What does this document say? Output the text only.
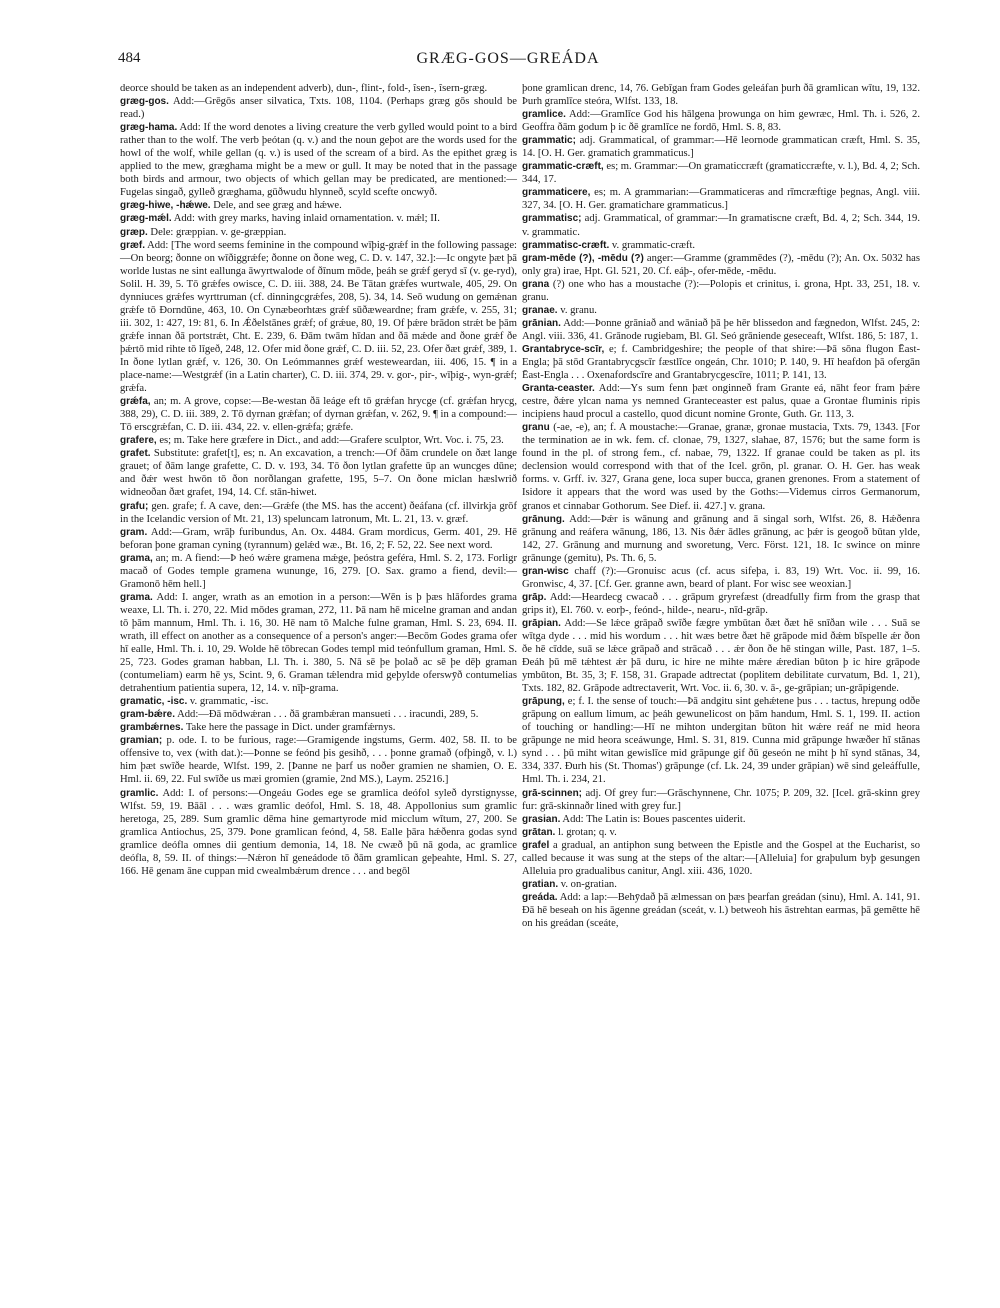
484	GRÆG-GOS—GREÁDA

deorce should be taken as an independent adverb), dun-, flint-, fold-, îsen-, îsern-græg.

græg-gos. Add:—Grēgōs anser silvatica, Txts. 108, 1104. (Perhaps græg gōs should be read.)

græg-hama. Add: If the word denotes a living creature the verb gylled would point to a bird rather than to the wolf. The verb þeótan (q. v.) and the noun geþot are the words used for the howl of the wolf, while gellan (q. v.) is used of the scream of a bird. As the epithet græg is applied to the mew, græghama might be a mew or gull. It may be noted that in the passage both birds and armour, two objects of which gellan may be predicated, are mentioned:—Fugelas singað, gylleð græghama, gūðwudu hlynneð, scyld scefte oncwyð.

græg-hiwe, -hǽwe. Dele, and see græg and hǽwe.

græg-mǽl. Add: with grey marks, having inlaid ornamentation. v. mǽl; II.

græp. Dele: græppian. v. ge-græppian.

græf. Add: [The word seems feminine in the compound wīþig-grǽf in the following passage:—On beorg; ðonne on wīðiggrǽfe; ðonne on ðone weg, C. D. v. 147, 32.]:—Ic ongyte þæt þā worlde lustas ne sint eallunga āwyrtwalode of ðīnum mōde, þeáh se grǽf geryd sī (v. ge-ryd), Solil. H. 39, 5. Tō grǽfes owisce, C. D. iii. 388, 24. Be Tātan grǽfes wurtwale, 405, 29. On dynniuces grǽfes wyrttruman (cf. dinningcgrǽfes, 208, 5). 34, 14. Seō wudung on gemǽnan grǽfe tō Ðorndūne, 463, 10. On Cynæbeorhtæs grǽf sūðæweardne; fram grǽfe, v. 255, 31; iii. 302, 1: 427, 19: 81, 6. In Ǽðelstānes grǽf; of grǽue, 80, 19. Of þǽre brādon strǽt be þām grǽfe innan ðā portstrǽt, Cht. E. 239, 6. Ðām twām hīdan and ðā mǽde and ðone grǽf ðe þǽrtō mid rihte tō līgeð, 248, 12. Ofer mid ðone grǽf, C. D. iii. 52, 23. Ofer ðæt grǽf, 389, 1. In ðone lytlan grǽf, v. 126, 30. On Leómmannes grǽf westeweardan, iii. 406, 15. ¶ in a place-name:—Westgrǽf (in a Latin charter), C. D. iii. 374, 29. v. gor-, pir-, wīþig-, wyn-grǽf; grǽfa.

grǽfa, an; m. A grove, copse:—Be-westan ðā leáge eft tō grǽfan hrycge (cf. grǽfan hrycg, 388, 29), C. D. iii. 389, 2. Tō dyrnan grǽfan; of dyrnan grǽfan, v. 262, 9. ¶ in a compound:—Tō erscgrǽfan, C. D. iii. 434, 22. v. ellen-grǽfa; grǽfe.

grafere, es; m. Take here græfere in Dict., and add:—Grafere sculptor, Wrt. Voc. i. 75, 23.

grafet. Substitute: grafet[t], es; n. An excavation, a trench:—Of ðām crundele on ðæt lange grauet; of ðām lange grafette, C. D. v. 193, 34. Tō ðon lytlan grafette ūp an wuncges dūne; and ðǽr west hwōn tō ðon norðlangan grafette, 195, 5–7. On ðone miclan hæslwrið widneoðan ðæt grafet, 194, 14. Cf. stān-hiwet.

grafu; gen. grafe; f. A cave, den:—Grǽfe (the MS. has the accent) ðeáfana (cf. illvirkja grōf in the Icelandic version of Mt. 21, 13) speluncam latronum, Mt. L. 21, 13. v. græf.

gram. Add:—Gram, wrāþ furibundus, An. Ox. 4484. Gram mordicus, Germ. 401, 29. Hē beforan þone graman cyning (tyrannum) gelǽd wæ., Bt. 16, 2; F. 52, 22. See next word.

grama, an; m. A fiend:—Þ heó wǽre gramena mǽge, þeóstra geféra, Hml. S. 2, 173. Forligr macað of Godes temple gramena wununge, 16, 279. [O. Sax. gramo a fiend, devil:—Gramonō hēm hell.]

grama. Add: I. anger, wrath as an emotion in a person:—Wēn is þ þæs hlāfordes grama weaxe, Ll. Th. i. 270, 22. Mid mōdes graman, 272, 11. Þā nam hē micelne graman and andan tō þām mannum, Hml. Th. i. 16, 30. Hē nam tō Malche fulne graman, Hml. S. 23, 694. II. wrath, ill effect on another as a consequence of a person's anger:—Becōm Godes grama ofer hī ealle, Hml. Th. i. 10, 29. Wolde hē tōbrecan Godes templ mid teónfullum graman, Hml. S. 25, 723. Godes graman habban, Ll. Th. i. 380, 5. Nā sē þe þolað ac sē þe dēþ graman (contumeliam) earm hē ys, Scint. 9, 6. Graman tǽlendra mid geþylde oferswȳð contumelias detrahentium patientia supera, 12, 14. v. nīþ-grama.

gramatic, -isc. v. grammatic, -isc.

gram-bǽre. Add:—Ðā mōdwǽran . . . ðā grambǽran mansueti . . . iracundi, 289, 5.

grambǽrnes. Take here the passage in Dict. under gramfǽrnys.

gramian; p. ode. I. to be furious, rage:—Gramigende ingstums, Germ. 402, 58. II. to be offensive to, vex (with dat.):—Þonne se feónd þis gesihð, . . . þonne gramað (ofþingð, v. l.) him þæt swīðe hearde, Wlfst. 199, 2. [Þanne ne þarf us noðer gramien ne shamien, O. E. Hml. ii. 69, 22. Ful swīðe us mæi gromien (gramie, 2nd MS.), Laym. 25216.]

gramlic. Add: I. of persons:—Ongeáu Godes ege se gramlica deófol syleð dyrstignysse, Wlfst. 59, 19. Bāāl . . . wæs gramlic deófol, Hml. S. 18, 48. Appollonius sum gramlic heretoga, 25, 289. Sum gramlic dēma hine gemartyrode mid micclum wītum, 27, 200. Se gramlica Antiochus, 25, 379. Þone gramlican feónd, 4, 58. Ealle þāra hǽðenra godas synd gramlice deófla omnes dii gentium demonia, 14, 18. Ne cwæð þū nā goda, ac gramlice deófla, 8, 59. II. of things:—Nǽron hī geneádode tō ðām gramlican geþeahte, Hml. S. 27, 166. Hē genam āne cuppan mid cwealmbǽrum drence . . . and begōl

þone gramlican drenc, 14, 76. Gebīgan fram Godes geleáfan þurh ðā gramlican wītu, 19, 132. Þurh gramlīce steóra, Wlfst. 133, 18.

gramlice. Add:—Gramlīce God his hālgena þrowunga on him gewræc, Hml. Th. i. 526, 2. Geoffra ðām godum þ ic ðē gramlīce ne fordō, Hml. S. 8, 83.

grammatic; adj. Grammatical, of grammar:—Hē leornode grammatican cræft, Hml. S. 35, 14. [O. H. Ger. gramatich grammaticus.]

grammatic-cræft, es; m. Grammar:—On gramaticcræft (gramaticcræfte, v. l.), Bd. 4, 2; Sch. 344, 17.

grammaticere, es; m. A grammarian:—Grammaticeras and rīmcræftige þegnas, Angl. viii. 327, 34. [O. H. Ger. gramatichare grammaticus.]

grammatisc; adj. Grammatical, of grammar:—In gramatiscne cræft, Bd. 4, 2; Sch. 344, 19. v. grammatic.

grammatisc-cræft. v. grammatic-cræft.

gram-mēde (?), -mēdu (?) anger:—Gramme (grammēdes (?), -mēdu (?); An. Ox. 5032 has only gra) irae, Hpt. Gl. 521, 20. Cf. eáþ-, ofer-mēde, -mēdu.

grana (?) one who has a moustache (?):—Polopis et crinitus, i. grona, Hpt. 33, 251, 18. v. granu.

granae. v. granu.

grānian. Add:—Þonne grāniað and wāniað þā þe hēr blissedon and fægnedon, Wlfst. 245, 2: Angl. viii. 336, 41. Grānode rugiebam, Bl. Gl. Seó grāniende geseceaft, Wlfst. 186, 5: 187, 1.

Grantabryce-scīr, e; f. Cambridgeshire; the people of that shire:—Þā sōna flugon Ēast-Engla; þā stōd Grantabrycgscīr fæstlīce ongeán, Chr. 1010; P. 140, 9. Hī heafdon þā ofergān Ēast-Engla . . . Oxenafordscīre and Grantabrycgescīre, 1011; P. 141, 13.

Granta-ceaster. Add:—Ys sum fenn þæt onginneð fram Grante eá, nāht feor fram þǽre cestre, ðǽre ylcan nama ys nemned Granteceaster est palus, quae a Grontae fluminis ripis incipiens haud procul a castello, quod dicunt nomine Gronte, Guth. Gr. 113, 3.

granu (-ae, -e), an; f. A moustache:—Granae, granæ, gronae mustacia, Txts. 79, 1343. [For the termination ae in wk. fem. cf. clonae, 79, 1327, slahae, 87, 1576; but the same form is found in the pl. of strong fem., cf. nabae, 79, 1322. If granae could be taken as pl. its declension would correspond with that of the Icel. grōn, pl. granar. O. H. Ger. has weak forms. v. Grff. iv. 327, Grana gene, loca super bucca, granen grenones. From a statement of Isidore it appears that the word was used by the Goths:—Videmus cirros Germanorum, granos et cinnabar Gothorum. See Dief. ii. 427.] v. grana.

grānung. Add:—Þǽr is wānung and grānung and ā singal sorh, Wlfst. 26, 8. Hǽðenra grānung and reáfera wānung, 186, 13. Nis ðǽr ādles grānung, ac þǽr is geogoð būtan ylde, 142, 27. Grānung and murnung and sworetung, Verc. Först. 121, 18. Ic swince on minre grānunge (gemitu), Ps. Th. 6, 5.

gran-wisc chaff (?):—Gronuisc acus (cf. acus sifeþa, i. 83, 19) Wrt. Voc. ii. 99, 16. Gronwisc, 4, 37. [Cf. Ger. granne awn, beard of plant. For wisc see weoxian.]

grāp. Add:—Heardecg cwacað . . . grāpum gryrefæst (dreadfully firm from the grasp that grips it), El. 760. v. eorþ-, feónd-, hilde-, nearu-, nīd-grāp.

grāpian. Add:—Se lǽce grāpað swīðe fægre ymbūtan ðæt ðæt hē snīðan wile . . . Suā se wītga dyde . . . mid his wordum . . . hit wæs betre ðæt hē grāpode mid ðǽm bīspelle ǽr ðon ðe hē cīdde, suā se lǽce grāpað and strācað . . . ǽr ðon ðe hē stingan wille, Past. 187, 1–5. Ðeáh þū mē tǽhtest ǽr þā duru, ic hire ne mihte mǽre ǽredian būton þ ic hire grāpode ymbūton, Bt. 35, 3; F. 158, 31. Grapade adtrectat (poplitem debilitate curvatum, Bd. 1, 21), Txts. 182, 82. Grāpode adtrectaverit, Wrt. Voc. ii. 6, 30. v. ā-, ge-grāpian; un-grāpigende.

grāpung, e; f. I. the sense of touch:—Þā andgitu sint gehǽtene þus . . . tactus, hrepung odðe grāpung on eallum limum, ac þeáh gewunelicost on þām handum, Hml. S. 1, 199. II. action of touching or handling:—Hī ne mihton undergitan būton hit wǽre reáf ne mid heora grāpunge ne mid heora sceáwunge, Hml. S. 31, 819. Cunna mid grāpunge hwæðer hī stānas synd . . . þū miht witan gewislīce mid grāpunge gif ðū geseón ne miht þ hī synd stānas, 34, 334, 337. Ðurh his (St. Thomas') grāpunge (cf. Lk. 24, 39 under grāpian) wē sind geleáffulle, Hml. Th. i. 234, 21.

grā-scinnen; adj. Of grey fur:—Grāschynnene, Chr. 1075; P. 209, 32. [Icel. grā-skinn grey fur: grā-skinnaðr lined with grey fur.]

grasian. Add: The Latin is: Boues pascentes uiderit.

grātan. l. grotan; q. v.

grafel a gradual, an antiphon sung between the Epistle and the Gospel at the Eucharist, so called because it was sung at the steps of the altar:—[Alleluia] for graþulum byþ gesungen Alleluia pro gradualibus canitur, Angl. xiii. 436, 1020.

gratian. v. on-gratian.

greáda. Add: a lap:—Behȳdað þā ælmessan on þæs þearfan greádan (sinu), Hml. A. 141, 91. Ðā hē beseah on his āgenne greádan (sceát, v. l.) betweoh his āstrehtan earmas, þā gemētte hē on his greádan (sceáte,
